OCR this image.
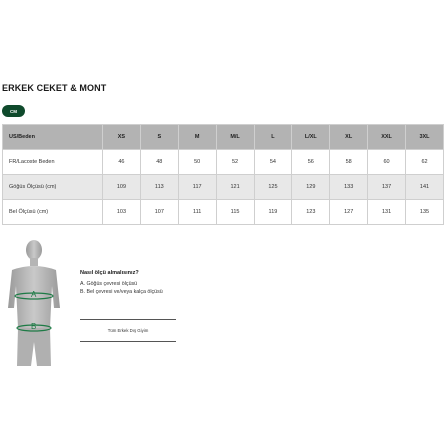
ERKEK CEKET & MONT
CM
US/Beden	XS	S	M	M/L	L	L/XL	XL	XXL	3XL
FR/Lacoste Beden	46	48	50	52	54	56	58	60	62
Göğüs Ölçüsü (cm)	109	113	117	121	125	129	133	137	141
Bel Ölçüsü (cm)	103	107	111	115	119	123	127	131	135
A
B
Nasıl ölçü almalısınız?
A. Göğüs çevresi ölçüsü
B. Bel çevresi ve/veya kalça ölçüsü
Tüm Erkek Dış Giyim
